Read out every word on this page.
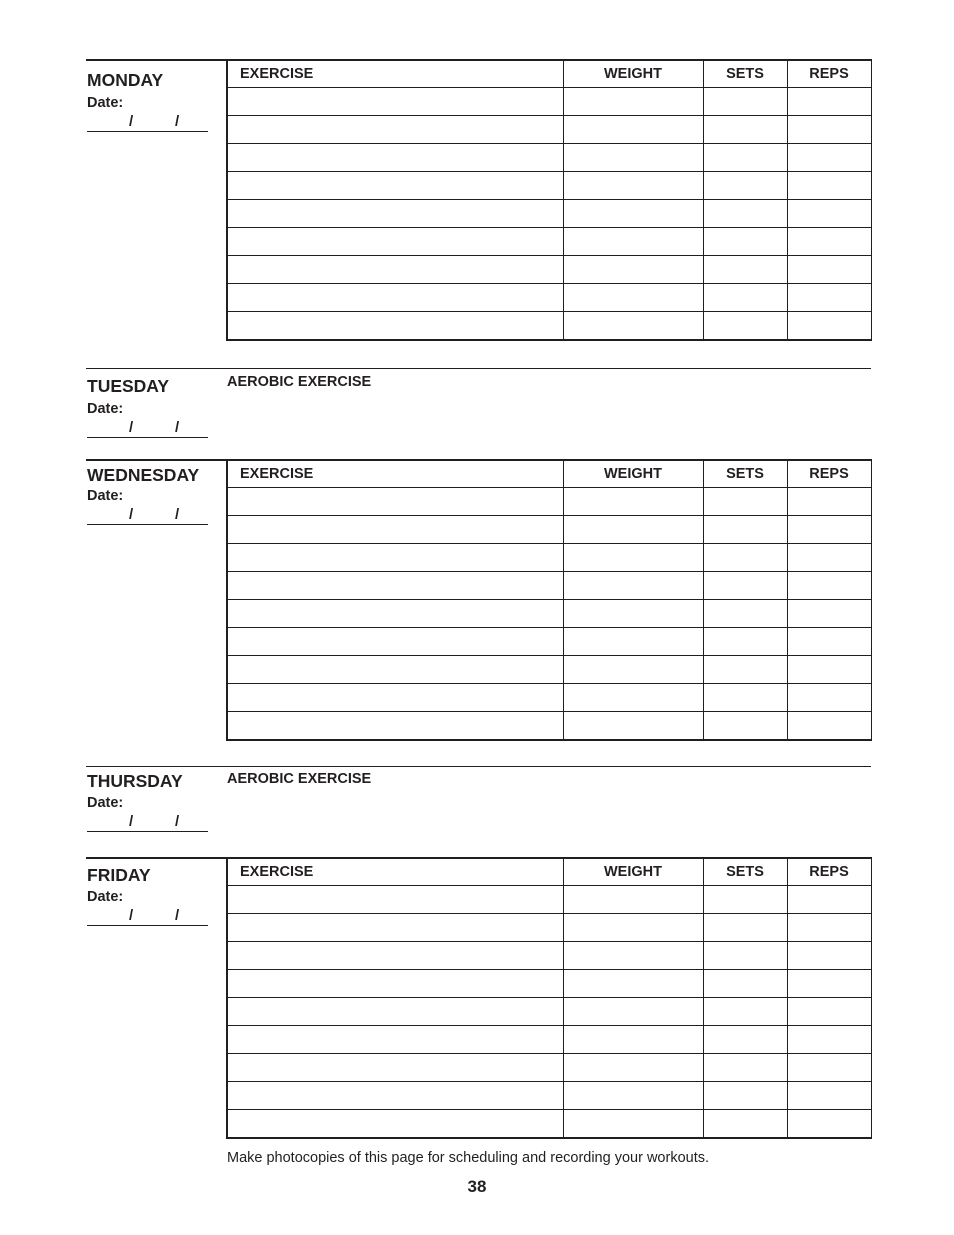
MONDAY
Date:
/	/
EXERCISE	WEIGHT	SETS	REPS

TUESDAY
Date:
/	/
AEROBIC EXERCISE
WEDNESDAY
Date:
/	/
EXERCISE	WEIGHT	SETS	REPS

THURSDAY
Date:
/	/
AEROBIC EXERCISE
FRIDAY
Date:
/	/
EXERCISE	WEIGHT	SETS	REPS

Make photocopies of this page for scheduling and recording your workouts.
38
